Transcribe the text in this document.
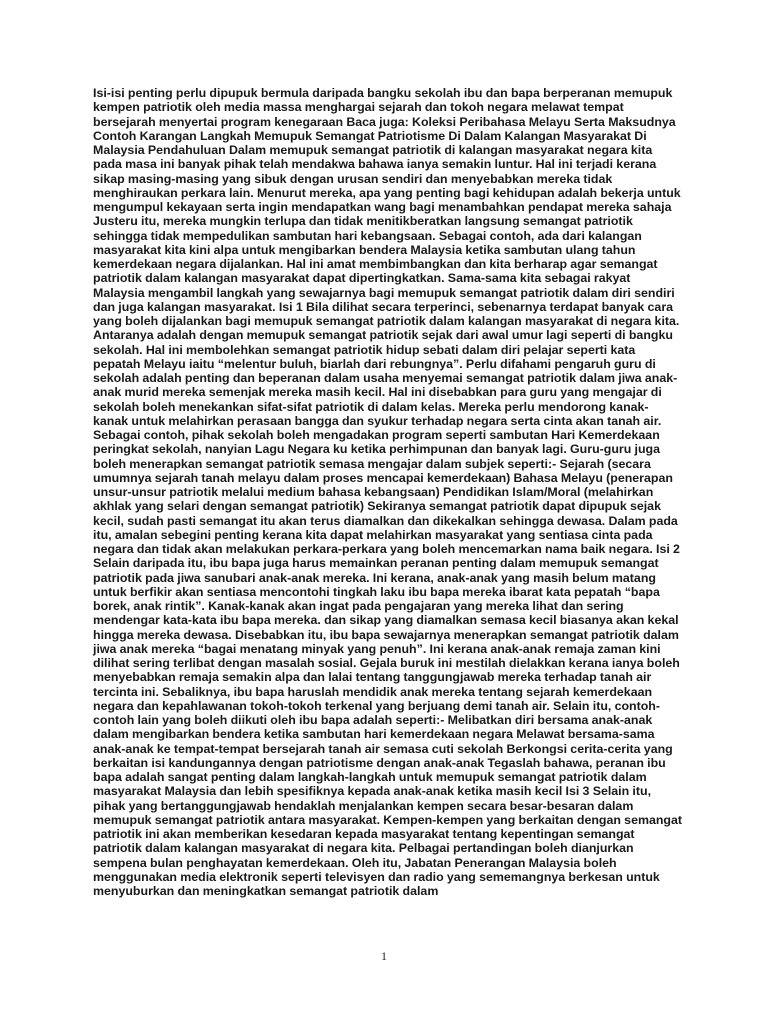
Isi-isi penting perlu dipupuk bermula daripada bangku sekolah ibu dan bapa berperanan memupuk kempen patriotik oleh media massa menghargai sejarah dan tokoh negara melawat tempat bersejarah menyertai program kenegaraan Baca juga: Koleksi Peribahasa Melayu Serta Maksudnya Contoh Karangan Langkah Memupuk Semangat Patriotisme Di Dalam Kalangan Masyarakat Di Malaysia Pendahuluan Dalam memupuk semangat patriotik di kalangan masyarakat negara kita pada masa ini banyak pihak telah mendakwa bahawa ianya semakin luntur. Hal ini terjadi kerana sikap masing-masing yang sibuk dengan urusan sendiri dan menyebabkan mereka tidak menghiraukan perkara lain. Menurut mereka, apa yang penting bagi kehidupan adalah bekerja untuk mengumpul kekayaan serta ingin mendapatkan wang bagi menambahkan pendapat mereka sahaja Justeru itu, mereka mungkin terlupa dan tidak menitikberatkan langsung semangat patriotik sehingga tidak mempedulikan sambutan hari kebangsaan. Sebagai contoh, ada dari kalangan masyarakat kita kini alpa untuk mengibarkan bendera Malaysia ketika sambutan ulang tahun kemerdekaan negara dijalankan. Hal ini amat membimbangkan dan kita berharap agar semangat patriotik dalam kalangan masyarakat dapat dipertingkatkan. Sama-sama kita sebagai rakyat Malaysia mengambil langkah yang sewajarnya bagi memupuk semangat patriotik dalam diri sendiri dan juga kalangan masyarakat. Isi 1 Bila dilihat secara terperinci, sebenarnya terdapat banyak cara yang boleh dijalankan bagi memupuk semangat patriotik dalam kalangan masyarakat di negara kita. Antaranya adalah dengan memupuk semangat patriotik sejak dari awal umur lagi seperti di bangku sekolah. Hal ini membolehkan semangat patriotik hidup sebati dalam diri pelajar seperti kata pepatah Melayu iaitu “melentur buluh, biarlah dari rebungnya”. Perlu difahami pengaruh guru di sekolah adalah penting dan beperanan dalam usaha menyemai semangat patriotik dalam jiwa anak-anak murid mereka semenjak mereka masih kecil. Hal ini disebabkan para guru yang mengajar di sekolah boleh menekankan sifat-sifat patriotik di dalam kelas. Mereka perlu mendorong kanak-kanak untuk melahirkan perasaan bangga dan syukur terhadap negara serta cinta akan tanah air. Sebagai contoh, pihak sekolah boleh mengadakan program seperti sambutan Hari Kemerdekaan peringkat sekolah, nanyian Lagu Negara ku ketika perhimpunan dan banyak lagi. Guru-guru juga boleh menerapkan semangat patriotik semasa mengajar dalam subjek seperti:- Sejarah (secara umumnya sejarah tanah melayu dalam proses mencapai kemerdekaan) Bahasa Melayu (penerapan unsur-unsur patriotik melalui medium bahasa kebangsaan) Pendidikan Islam/Moral (melahirkan akhlak yang selari dengan semangat patriotik) Sekiranya semangat patriotik dapat dipupuk sejak kecil, sudah pasti semangat itu akan terus diamalkan dan dikekalkan sehingga dewasa. Dalam pada itu, amalan sebegini penting kerana kita dapat melahirkan masyarakat yang sentiasa cinta pada negara dan tidak akan melakukan perkara-perkara yang boleh mencemarkan nama baik negara. Isi 2 Selain daripada itu, ibu bapa juga harus memainkan peranan penting dalam memupuk semangat patriotik pada jiwa sanubari anak-anak mereka. Ini kerana, anak-anak yang masih belum matang untuk berfikir akan sentiasa mencontohi tingkah laku ibu bapa mereka ibarat kata pepatah “bapa borek, anak rintik”. Kanak-kanak akan ingat pada pengajaran yang mereka lihat dan sering mendengar kata-kata ibu bapa mereka. dan sikap yang diamalkan semasa kecil biasanya akan kekal hingga mereka dewasa. Disebabkan itu, ibu bapa sewajarnya menerapkan semangat patriotik dalam jiwa anak mereka “bagai menatang minyak yang penuh”. Ini kerana anak-anak remaja zaman kini dilihat sering terlibat dengan masalah sosial. Gejala buruk ini mestilah dielakkan kerana ianya boleh menyebabkan remaja semakin alpa dan lalai tentang tanggungjawab mereka terhadap tanah air tercinta ini. Sebaliknya, ibu bapa haruslah mendidik anak mereka tentang sejarah kemerdekaan negara dan kepahlawanan tokoh-tokoh terkenal yang berjuang demi tanah air. Selain itu, contoh-contoh lain yang boleh diikuti oleh ibu bapa adalah seperti:- Melibatkan diri bersama anak-anak dalam mengibarkan bendera ketika sambutan hari kemerdekaan negara Melawat bersama-sama anak-anak ke tempat-tempat bersejarah tanah air semasa cuti sekolah Berkongsi cerita-cerita yang berkaitan isi kandungannya dengan patriotisme dengan anak-anak Tegaslah bahawa, peranan ibu bapa adalah sangat penting dalam langkah-langkah untuk memupuk semangat patriotik dalam masyarakat Malaysia dan lebih spesifiknya kepada anak-anak ketika masih kecil Isi 3 Selain itu, pihak yang bertanggungjawab hendaklah menjalankan kempen secara besar-besaran dalam memupuk semangat patriotik antara masyarakat. Kempen-kempen yang berkaitan dengan semangat patriotik ini akan memberikan kesedaran kepada masyarakat tentang kepentingan semangat patriotik dalam kalangan masyarakat di negara kita. Pelbagai pertandingan boleh dianjurkan sempena bulan penghayatan kemerdekaan. Oleh itu, Jabatan Penerangan Malaysia boleh menggunakan media elektronik seperti televisyen dan radio yang sememangnya berkesan untuk menyuburkan dan meningkatkan semangat patriotik dalam

1
